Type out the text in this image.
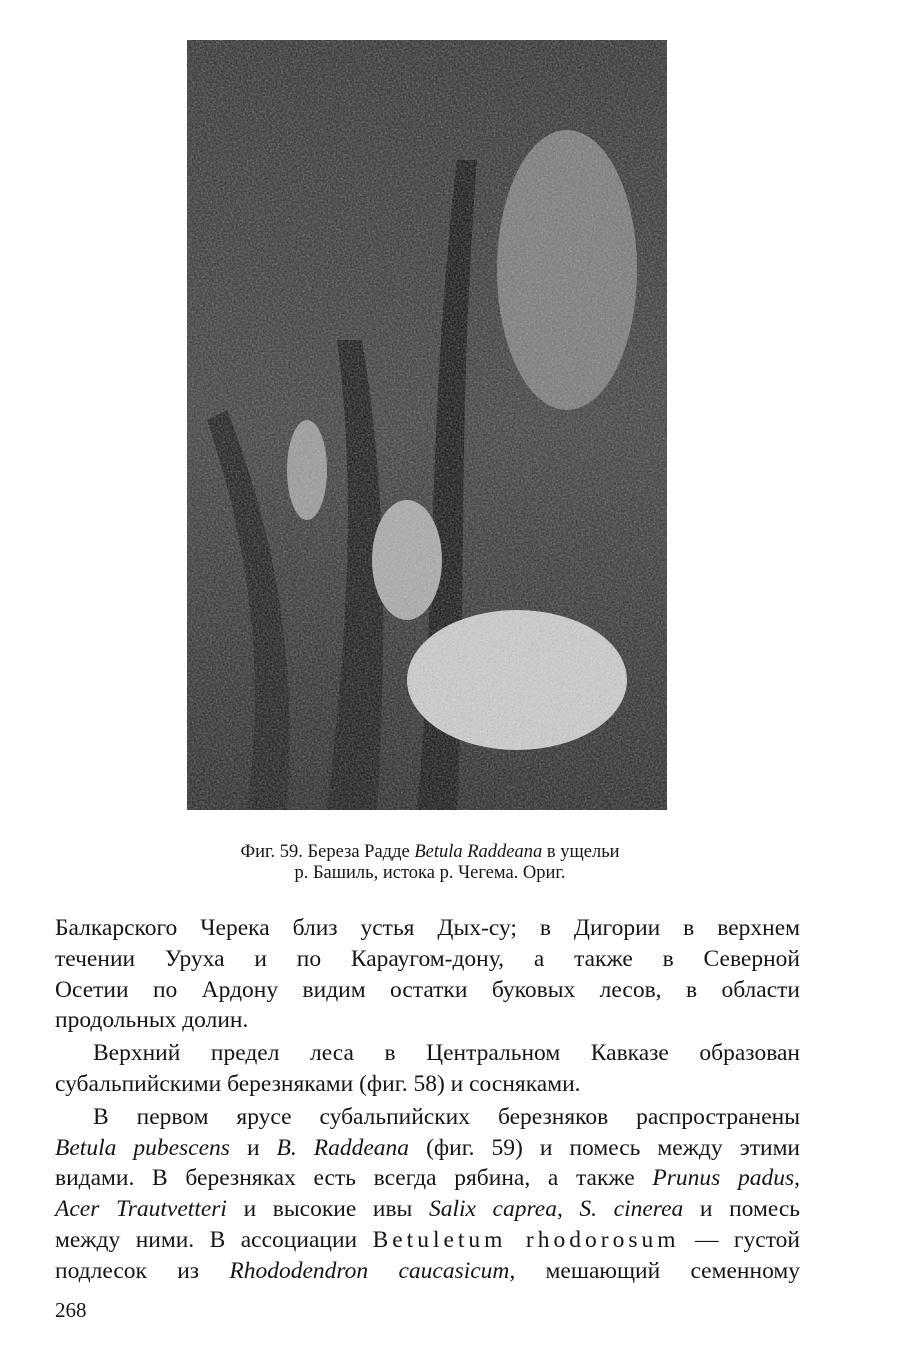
Фиг. 59. Береза Радде Betula Raddeana в ущельи
р. Башиль, истока р. Чегема. Ориг.
Балкарского Черека близ устья Дых-су; в Дигории в верхнем
течении Уруха и по Караугом-дону, а также в Северной
Осетии по Ардону видим остатки буковых лесов, в области
продольных долин.
Верхний предел леса в Центральном Кавказе образован
субальпийскими березняками (фиг. 58) и сосняками.
В первом ярусе субальпийских березняков распространены
Betula pubescens и B. Raddeana (фиг. 59) и помесь между этими
видами. В березняках есть всегда рябина, а также Prunus padus,
Acer Trautvetteri и высокие ивы Salix caprea, S. cinerea и помесь
между ними. В ассоциации Betuletum rhodorosum — густой
подлесок из Rhododendron caucasicum, мешающий семенному
268
